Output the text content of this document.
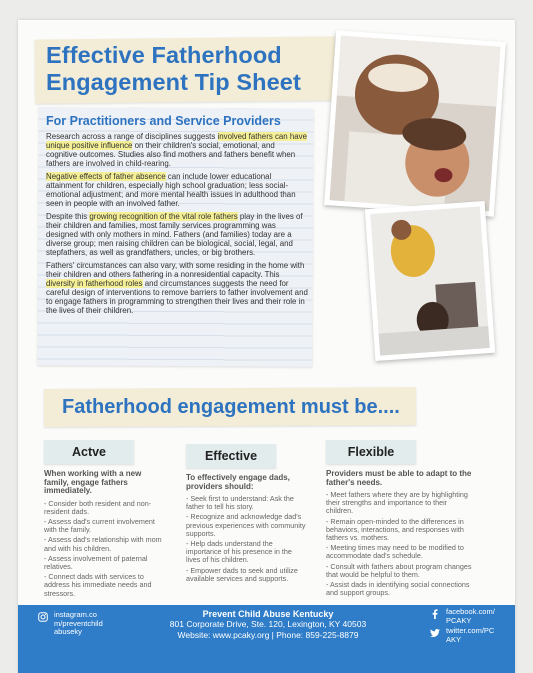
Effective Fatherhood
Engagement Tip Sheet
For Practitioners and Service Providers

Research across a range of disciplines suggests involved fathers can have unique positive influence on their children's social, emotional, and cognitive outcomes. Studies also find mothers and fathers benefit when fathers are involved in child-rearing.

Negative effects of father absence can include lower educational attainment for children, especially high school graduation; less social-emotional adjustment; and more mental health issues in adulthood than seen in people with an involved father.

Despite this growing recognition of the vital role fathers play in the lives of their children and families, most family services programming was designed with only mothers in mind. Fathers (and families) today are a diverse group; men raising children can be biological, social, legal, and stepfathers, as well as grandfathers, uncles, or big brothers.

Fathers' circumstances can also vary, with some residing in the home with their children and others fathering in a nonresidential capacity. This diversity in fatherhood roles and circumstances suggests the need for careful design of interventions to remove barriers to father involvement and to engage fathers in programming to strengthen their lives and their role in the lives of their children.

Fatherhood engagement must be....
Actve
When working with a new family, engage fathers immediately.
- Consider both resident and non-resident dads.
- Assess dad's current involvement with the family.
- Assess dad's relationship with mom and with his children.
- Assess involvement of paternal relatives.
- Connect dads with services to address his immediate needs and stressors.
Effective
To effectively engage dads, providers should:
- Seek first to understand: Ask the father to tell his story.
- Recognize and acknowledge dad's previous experiences with community supports.
- Help dads understand the importance of his presence in the lives of his children.
- Empower dads to seek and utilize available services and supports.
Flexible
Providers must be able to adapt to the father's needs.
- Meet fathers where they are by highlighting their strengths and importance to their children.
- Remain open-minded to the differences in behaviors, interactions, and responses with fathers vs. mothers.
- Meeting times may need to be modified to accommodate dad's schedule.
- Consult with fathers about program changes that would be helpful to them.
- Assist dads in identifying social connections and support groups.
instagram.com/preventchildabuseky
Prevent Child Abuse Kentucky
801 Corporate Drive, Ste. 120, Lexington, KY 40503
Website: www.pcaky.org | Phone: 859-225-8879
facebook.com/PCAKY
twitter.com/PCAKY
